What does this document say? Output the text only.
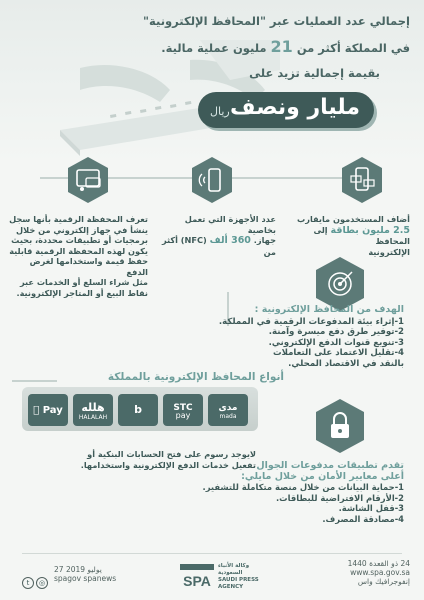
إجمالي عدد العمليات عبر "المحافظ الإلكترونية"

في المملكة أكثر من 21 مليون عملية مالية.

بقيمة إجمالية تزيد على

مليار ونصف
ريال
أضاف المستخدمون مايقارب
2.5 مليون بطاقة إلى المحافظ
الإلكترونية
عدد الأجهزة التي تعمل بخاصية
جهاز. 360 ألف (NFC) أكثر من
تعرف المحفظة الرقمية بأنها سجل
ينشأ في جهاز إلكتروني من خلال
برمجيات أو تطبيقات محددة، بحيث
يكون لهذه المحفظة الرقمية قابلية
حفظ قيمة واستخدامها لغرض الدفع
مثل شراء السلع أو الخدمات عبر
نقاط البيع أو المتاجر الإلكترونية.
الهدف من المحافظ الإلكترونية :
1-إثراء بيئة المدفوعات الرقمية في المملكة.
2-توفير طرق دفع ميسرة وآمنة.
3-تنويع قنوات الدفع الإلكتروني.
4-تقليل الاعتماد على التعاملات
بالنقد في الاقتصاد المحلي.
أنواع المحافظ الإلكترونية بالمملكة
Pay	هلله
HALALAH
b	STC
pay
مدى
mada
لايوجد رسوم على فتح الحسابات البنكية أو
تفعيل خدمات الدفع الإلكترونية واستخدامها. تقدم تطبيقات مدفوعات الجوال
أعلى معايير الأمان من خلال مايلي:
1-حماية البيانات من خلال منصة متكاملة للتشفير.
2-الأرقام الافتراضية للبطاقات.
3-قفل الشاشة.
4-مصادقة المصرف.
24 ذو القعدة 1440
www.spa.gov.sa
إنفوجرافيك واس
SPA
وكالة الأنباء
السعودية
SAUDI PRESS
AGENCY
27 يوليو 2019
spagov spanews
t	◎
